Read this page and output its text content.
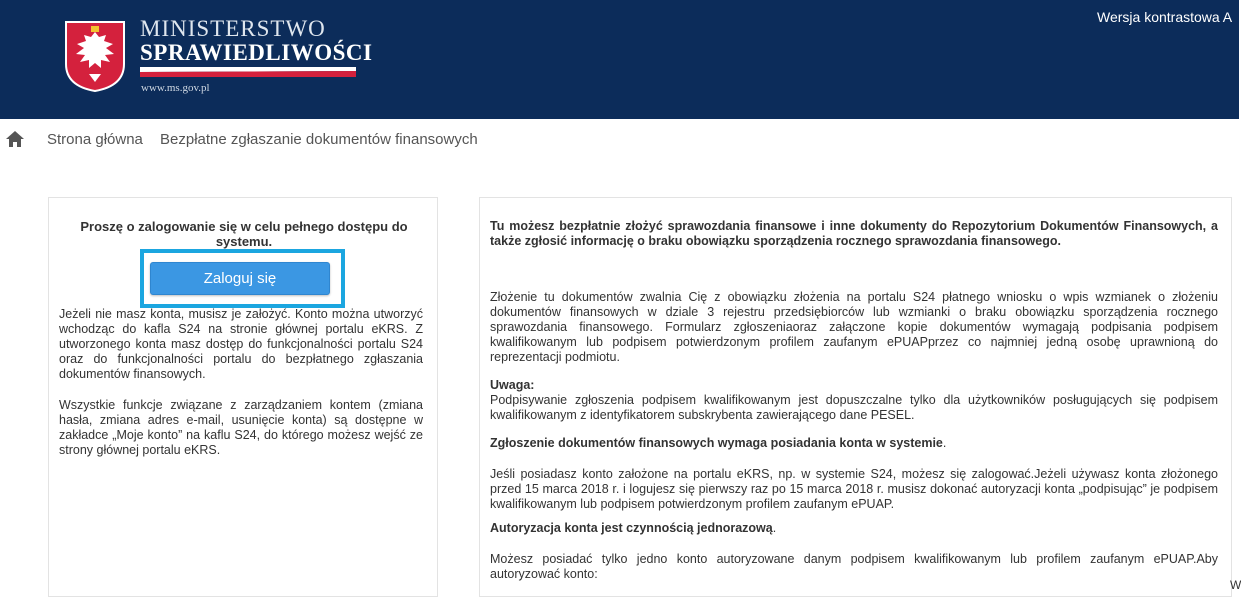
MINISTERSTWO
SPRAWIEDLIWOŚCI
www.ms.gov.pl
Wersja kontrastowa A
Strona główna Bezpłatne zgłaszanie dokumentów finansowych
Proszę o zalogowanie się w celu pełnego dostępu do systemu.
Zaloguj się
Jeżeli nie masz konta, musisz je założyć. Konto można utworzyć wchodząc do kafla S24 na stronie głównej portalu eKRS. Z utworzonego konta masz dostęp do funkcjonalności portalu S24 oraz do funkcjonalności portalu do bezpłatnego zgłaszania dokumentów finansowych.
Wszystkie funkcje związane z zarządzaniem kontem (zmiana hasła, zmiana adres e-mail, usunięcie konta) są dostępne w zakładce „Moje konto” na kaflu S24, do którego możesz wejść ze strony głównej portalu eKRS.
Tu możesz bezpłatnie złożyć sprawozdania finansowe i inne dokumenty do Repozytorium Dokumentów Finansowych, a także zgłosić informację o braku obowiązku sporządzenia rocznego sprawozdania finansowego.
Złożenie tu dokumentów zwalnia Cię z obowiązku złożenia na portalu S24 płatnego wniosku o wpis wzmianek o złożeniu dokumentów finansowych w dziale 3 rejestru przedsiębiorców lub wzmianki o braku obowiązku sporządzenia rocznego sprawozdania finansowego. Formularz zgłoszeniaoraz załączone kopie dokumentów wymagają podpisania podpisem kwalifikowanym lub podpisem potwierdzonym profilem zaufanym ePUAPprzez co najmniej jedną osobę uprawnioną do reprezentacji podmiotu.
Uwaga:
Podpisywanie zgłoszenia podpisem kwalifikowanym jest dopuszczalne tylko dla użytkowników posługujących się podpisem kwalifikowanym z identyfikatorem subskrybenta zawierającego dane PESEL.
Zgłoszenie dokumentów finansowych wymaga posiadania konta w systemie.
Jeśli posiadasz konto założone na portalu eKRS, np. w systemie S24, możesz się zalogować.Jeżeli używasz konta złożonego przed 15 marca 2018 r. i logujesz się pierwszy raz po 15 marca 2018 r. musisz dokonać autoryzacji konta „podpisując” je podpisem kwalifikowanym lub podpisem potwierdzonym profilem zaufanym ePUAP.
Autoryzacja konta jest czynnością jednorazową.
Możesz posiadać tylko jedno konto autoryzowane danym podpisem kwalifikowanym lub profilem zaufanym ePUAP.Aby autoryzować konto:
W
